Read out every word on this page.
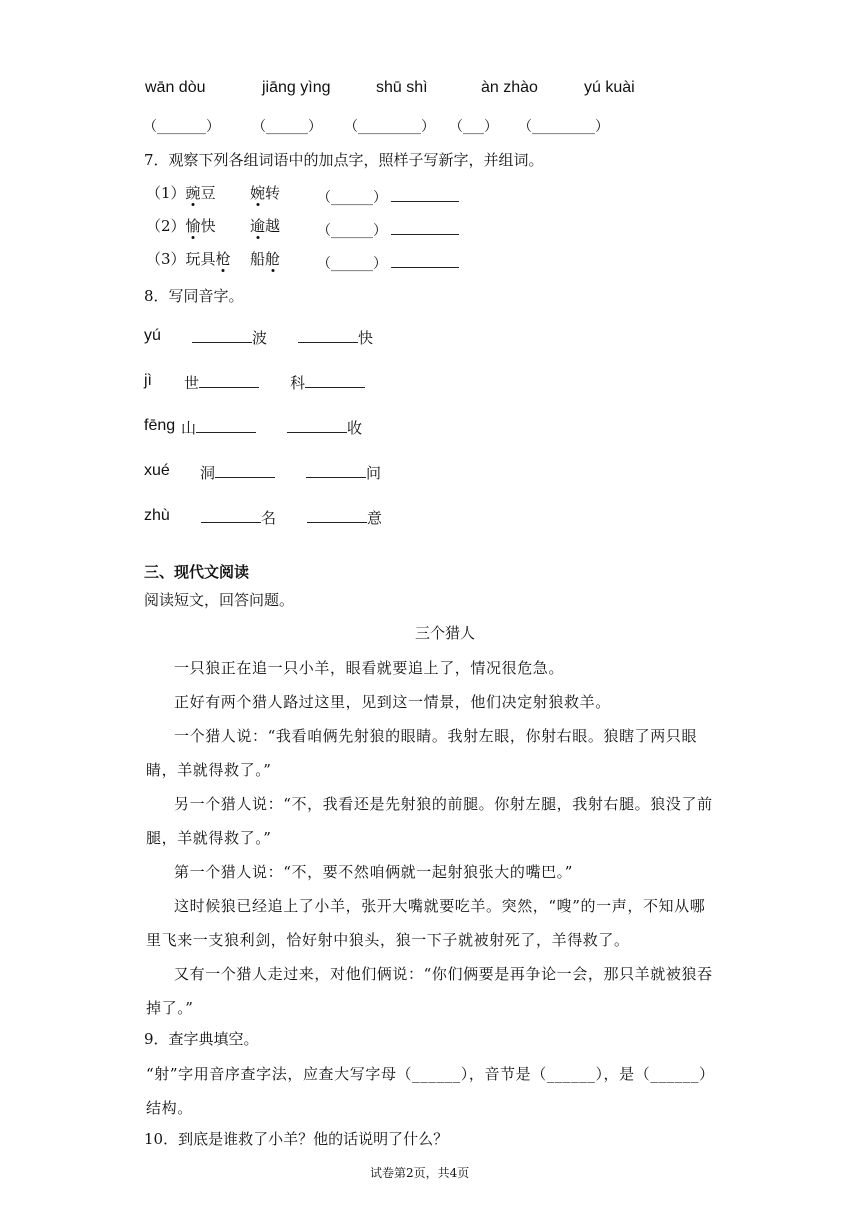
wān dòu	jiāng yìng	shū shì	àn zhào	yú kuài
（_______） （______） （_________） （___） （_________）
7．观察下列各组词语中的加点字，照样子写新字，并组词。
（1）豌豆 婉转	（______）
（2）愉快 逾越	（______）
（3）玩具枪 船舱	（______）
8．写同音字。
yú	波	快
jì 世	科
fēng 山	收
xué 洞	问
zhù	名	意
三、现代文阅读
阅读短文，回答问题。
三个猎人
一只狼正在追一只小羊，眼看就要追上了，情况很危急。
正好有两个猎人路过这里，见到这一情景，他们决定射狼救羊。
一个猎人说：“我看咱俩先射狼的眼睛。我射左眼，你射右眼。狼瞎了两只眼睛，羊就得救了。”
另一个猎人说：“不，我看还是先射狼的前腿。你射左腿，我射右腿。狼没了前腿，羊就得救了。”
第一个猎人说：“不，要不然咱俩就一起射狼张大的嘴巴。”
这时候狼已经追上了小羊，张开大嘴就要吃羊。突然，“嗖”的一声，不知从哪里飞来一支狼利剑，恰好射中狼头，狼一下子就被射死了，羊得救了。
又有一个猎人走过来，对他们俩说：“你们俩要是再争论一会，那只羊就被狼吞掉了。”
9．查字典填空。
“射”字用音序查字法，应查大写字母（______），音节是（______），是（______）结构。
10．到底是谁救了小羊？他的话说明了什么？
试卷第2页，共4页
